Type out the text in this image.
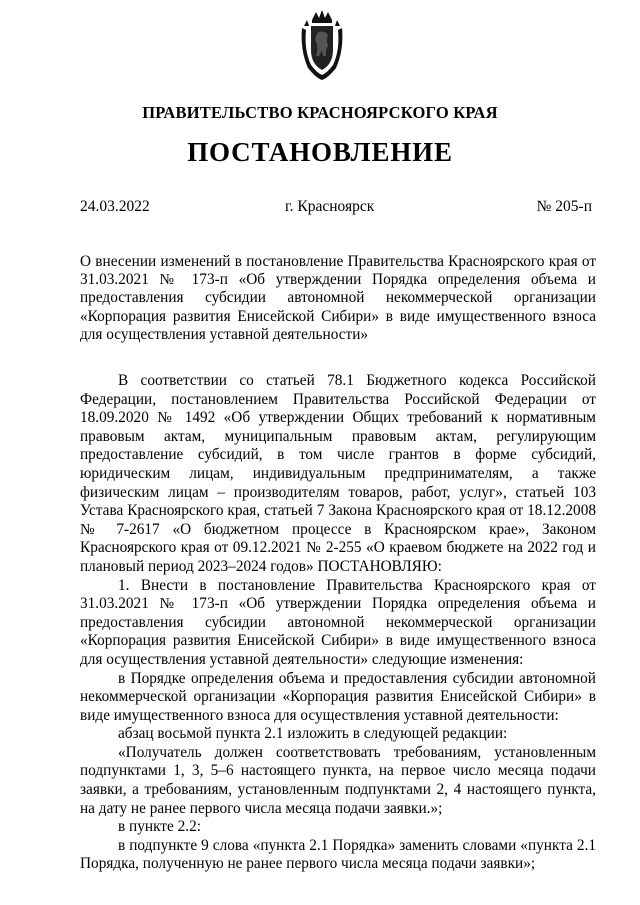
ПРАВИТЕЛЬСТВО КРАСНОЯРСКОГО КРАЯ
ПОСТАНОВЛЕНИЕ
24.03.2022	г. Красноярск	№ 205-п
О внесении изменений в постановление Правительства Красноярского края от 31.03.2021 № 173-п «Об утверждении Порядка определения объема и предоставления субсидии автономной некоммерческой организации «Корпорация развития Енисейской Сибири» в виде имущественного взноса для осуществления уставной деятельности»

В соответствии со статьей 78.1 Бюджетного кодекса Российской Федерации, постановлением Правительства Российской Федерации от 18.09.2020 № 1492 «Об утверждении Общих требований к нормативным правовым актам, муниципальным правовым актам, регулирующим предоставление субсидий, в том числе грантов в форме субсидий, юридическим лицам, индивидуальным предпринимателям, а также физическим лицам – производителям товаров, работ, услуг», статьей 103 Устава Красноярского края, статьей 7 Закона Красноярского края от 18.12.2008 № 7-2617 «О бюджетном процессе в Красноярском крае», Законом Красноярского края от 09.12.2021 № 2-255 «О краевом бюджете на 2022 год и плановый период 2023–2024 годов» ПОСТАНОВЛЯЮ:

1. Внести в постановление Правительства Красноярского края от 31.03.2021 № 173-п «Об утверждении Порядка определения объема и предоставления субсидии автономной некоммерческой организации «Корпорация развития Енисейской Сибири» в виде имущественного взноса для осуществления уставной деятельности» следующие изменения:

в Порядке определения объема и предоставления субсидии автономной некоммерческой организации «Корпорация развития Енисейской Сибири» в виде имущественного взноса для осуществления уставной деятельности:

абзац восьмой пункта 2.1 изложить в следующей редакции:

«Получатель должен соответствовать требованиям, установленным подпунктами 1, 3, 5–6 настоящего пункта, на первое число месяца подачи заявки, а требованиям, установленным подпунктами 2, 4 настоящего пункта, на дату не ранее первого числа месяца подачи заявки.»;

в пункте 2.2:

в подпункте 9 слова «пункта 2.1 Порядка» заменить словами «пункта 2.1 Порядка, полученную не ранее первого числа месяца подачи заявки»;
